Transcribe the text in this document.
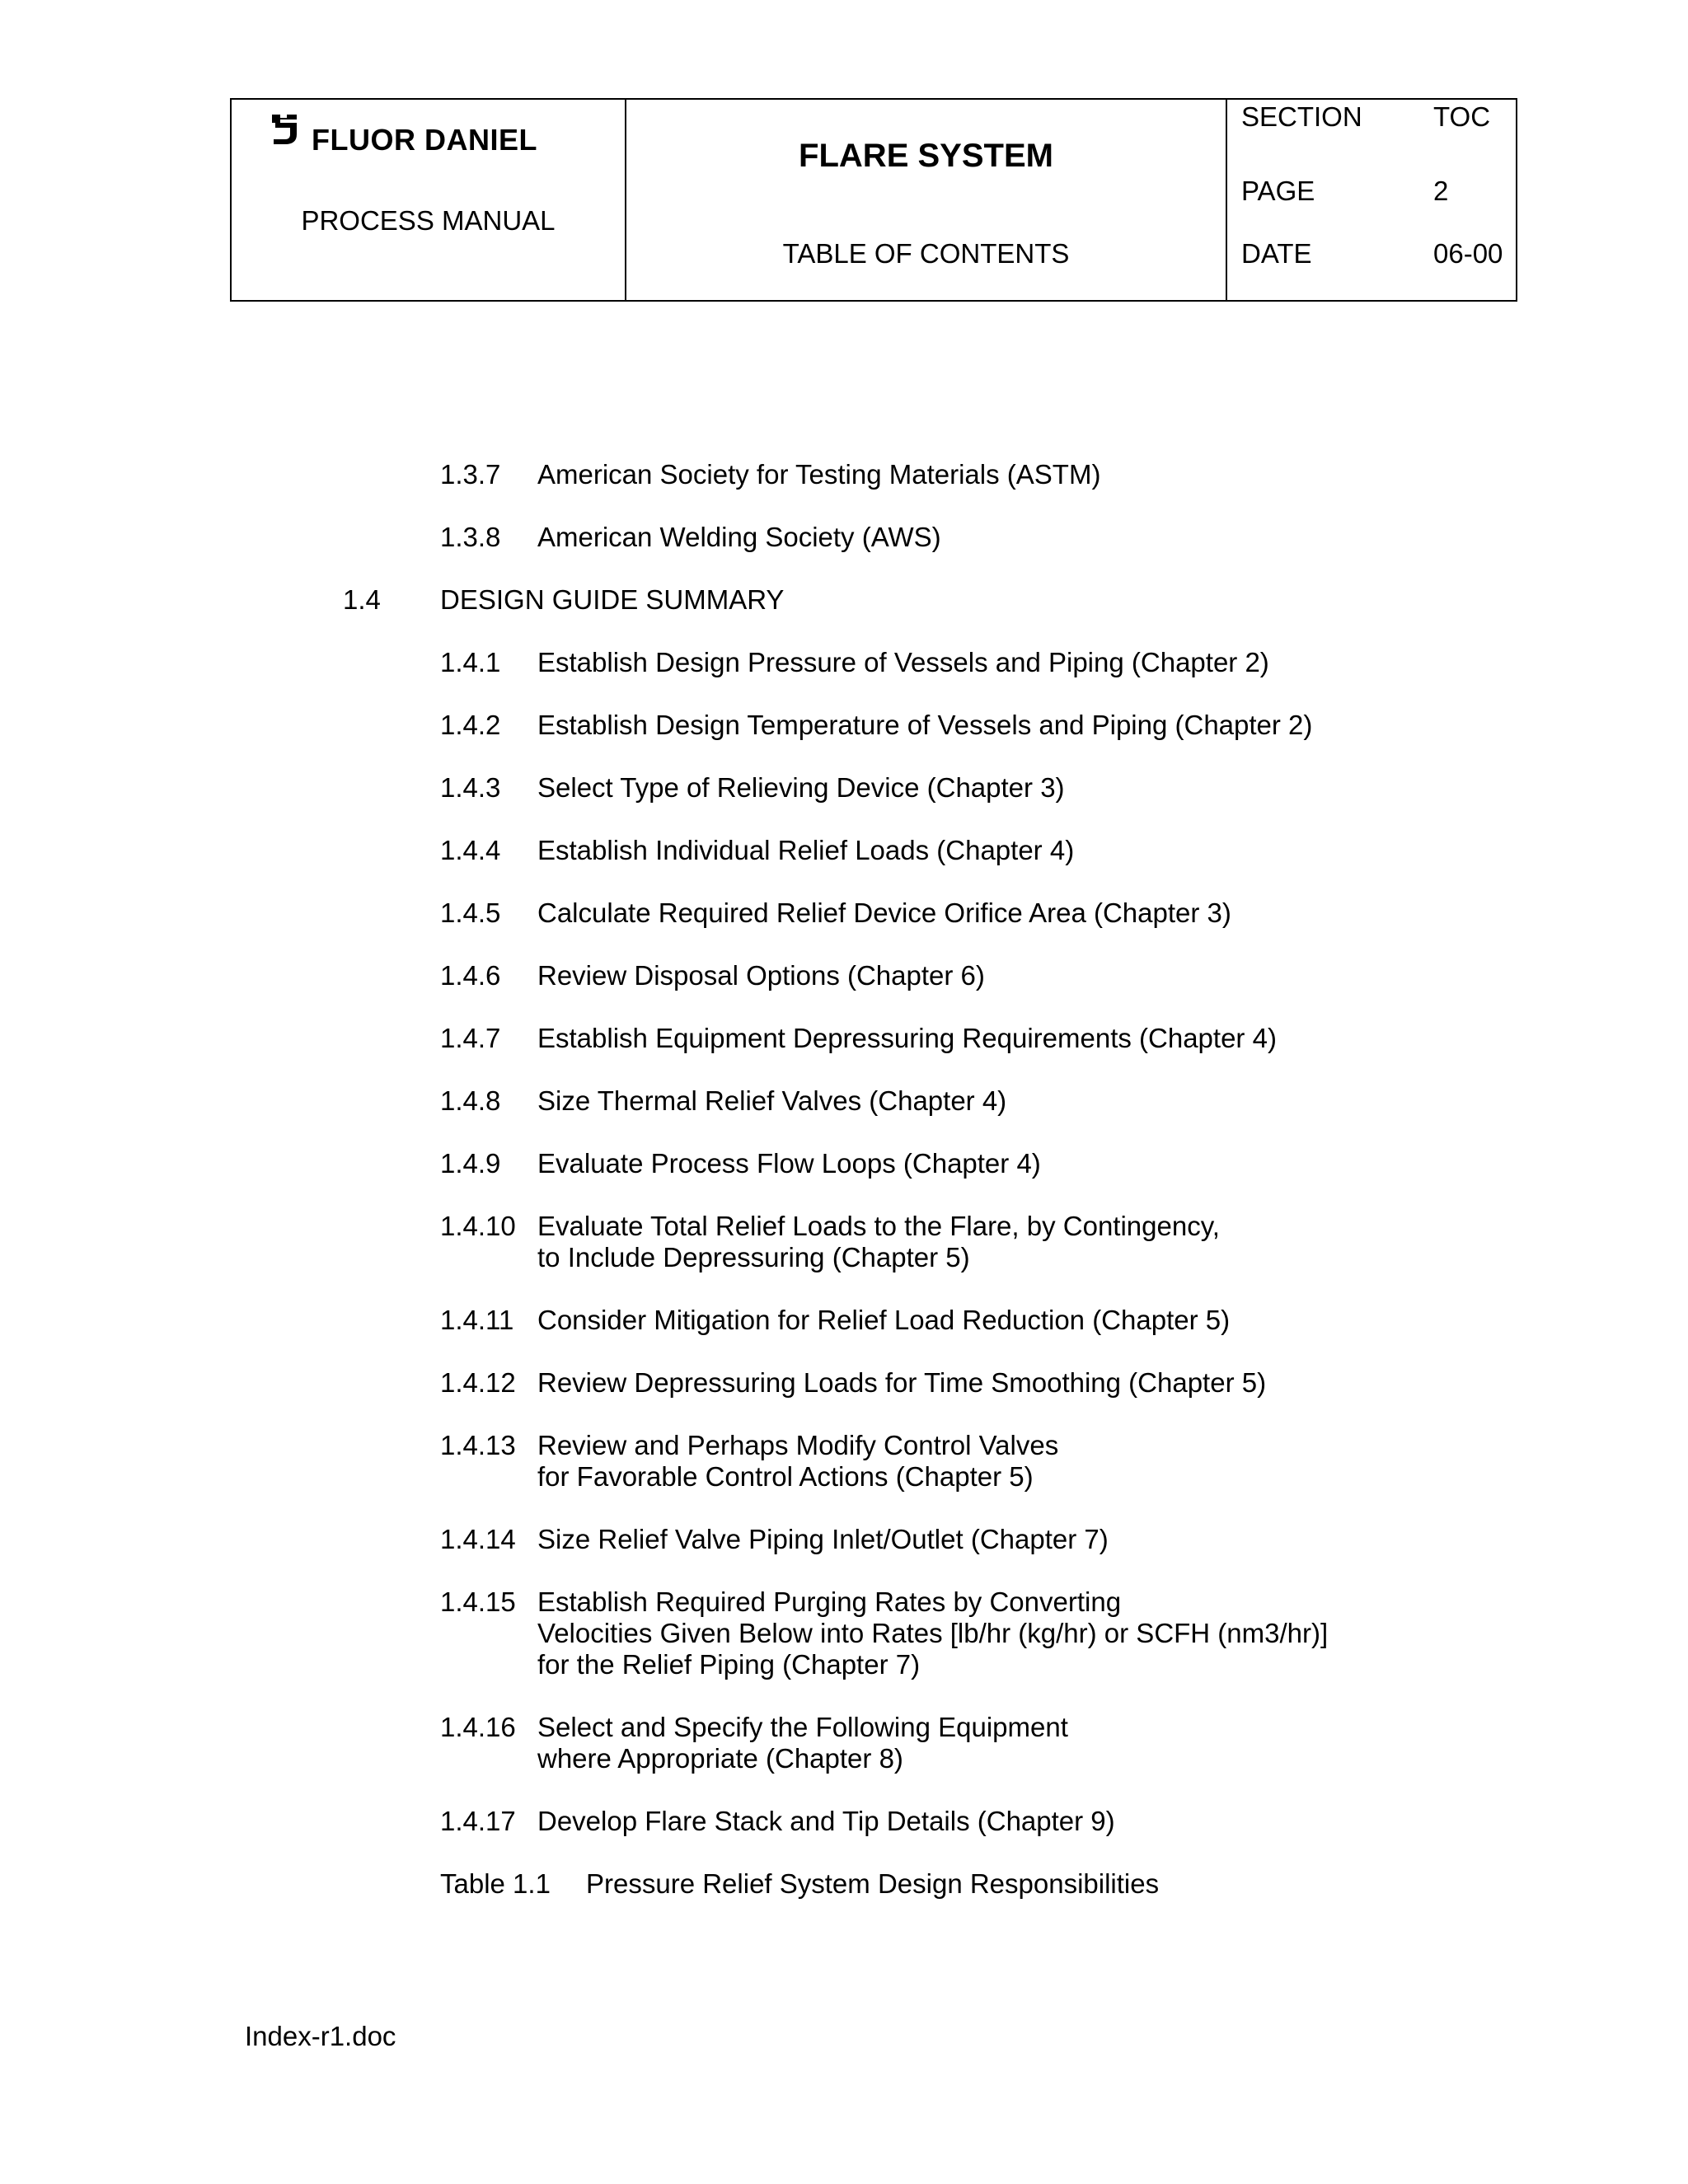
FLUOR DANIEL
PROCESS MANUAL
FLARE SYSTEM
TABLE OF CONTENTS
SECTION	TOC
PAGE	2
DATE	06-00
1.3.7 American Society for Testing Materials (ASTM)
1.3.8 American Welding Society (AWS)
1.4 DESIGN GUIDE SUMMARY
1.4.1 Establish Design Pressure of Vessels and Piping (Chapter 2)
1.4.2 Establish Design Temperature of Vessels and Piping (Chapter 2)
1.4.3 Select Type of Relieving Device (Chapter 3)
1.4.4 Establish Individual Relief Loads (Chapter 4)
1.4.5 Calculate Required Relief Device Orifice Area (Chapter 3)
1.4.6 Review Disposal Options (Chapter 6)
1.4.7 Establish Equipment Depressuring Requirements (Chapter 4)
1.4.8 Size Thermal Relief Valves (Chapter 4)
1.4.9 Evaluate Process Flow Loops (Chapter 4)
1.4.10 Evaluate Total Relief Loads to the Flare, by Contingency,
to Include Depressuring (Chapter 5)
1.4.11 Consider Mitigation for Relief Load Reduction (Chapter 5)
1.4.12 Review Depressuring Loads for Time Smoothing (Chapter 5)
1.4.13 Review and Perhaps Modify Control Valves
for Favorable Control Actions (Chapter 5)
1.4.14 Size Relief Valve Piping Inlet/Outlet (Chapter 7)
1.4.15 Establish Required Purging Rates by Converting
Velocities Given Below into Rates [lb/hr (kg/hr) or SCFH (nm3/hr)]
for the Relief Piping (Chapter 7)
1.4.16 Select and Specify the Following Equipment
where Appropriate (Chapter 8)
1.4.17 Develop Flare Stack and Tip Details (Chapter 9)
Table 1.1 Pressure Relief System Design Responsibilities
Index-r1.doc
